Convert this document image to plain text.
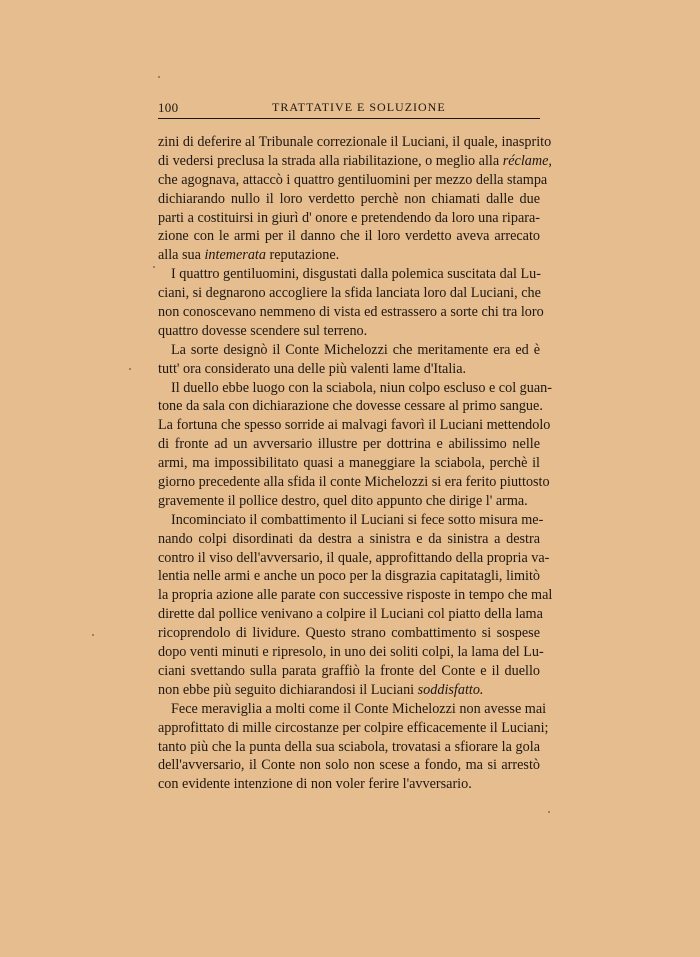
100	TRATTATIVE E SOLUZIONE
zini di deferire al Tribunale correzionale il Luciani, il quale, inasprito
di vedersi preclusa la strada alla riabilitazione, o meglio alla réclame,
che agognava, attaccò i quattro gentiluomini per mezzo della stampa
dichiarando nullo il loro verdetto perchè non chiamati dalle due
parti a costituirsi in giurì d' onore e pretendendo da loro una ripara-
zione con le armi per il danno che il loro verdetto aveva arrecato
alla sua intemerata reputazione.
I quattro gentiluomini, disgustati dalla polemica suscitata dal Lu-
ciani, si degnarono accogliere la sfida lanciata loro dal Luciani, che
non conoscevano nemmeno di vista ed estrassero a sorte chi tra loro
quattro dovesse scendere sul terreno.
La sorte designò il Conte Michelozzi che meritamente era ed è
tutt' ora considerato una delle più valenti lame d'Italia.
Il duello ebbe luogo con la sciabola, niun colpo escluso e col guan-
tone da sala con dichiarazione che dovesse cessare al primo sangue.
La fortuna che spesso sorride ai malvagi favorì il Luciani mettendolo
di fronte ad un avversario illustre per dottrina e abilissimo nelle
armi, ma impossibilitato quasi a maneggiare la sciabola, perchè il
giorno precedente alla sfida il conte Michelozzi si era ferito piuttosto
gravemente il pollice destro, quel dito appunto che dirige l' arma.
Incominciato il combattimento il Luciani si fece sotto misura me-
nando colpi disordinati da destra a sinistra e da sinistra a destra
contro il viso dell'avversario, il quale, approfittando della propria va-
lentia nelle armi e anche un poco per la disgrazia capitatagli, limitò
la propria azione alle parate con successive risposte in tempo che mal
dirette dal pollice venivano a colpire il Luciani col piatto della lama
ricoprendolo di lividure. Questo strano combattimento si sospese
dopo venti minuti e ripresolo, in uno dei soliti colpi, la lama del Lu-
ciani svettando sulla parata graffiò la fronte del Conte e il duello
non ebbe più seguito dichiarandosi il Luciani soddisfatto.
Fece meraviglia a molti come il Conte Michelozzi non avesse mai
approfittato di mille circostanze per colpire efficacemente il Luciani;
tanto più che la punta della sua sciabola, trovatasi a sfiorare la gola
dell'avversario, il Conte non solo non scese a fondo, ma si arrestò
con evidente intenzione di non voler ferire l'avversario.
